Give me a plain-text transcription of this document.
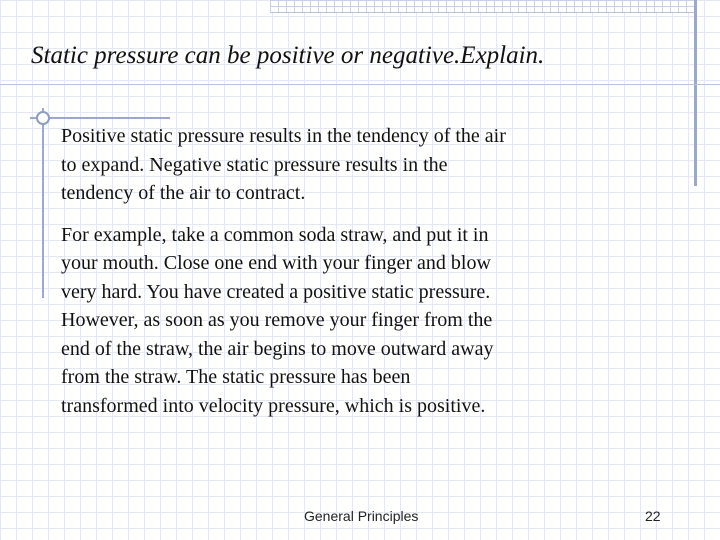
Static pressure can be positive or negative.Explain.

Positive static pressure results in the tendency of the air
to expand. Negative static pressure results in the
tendency of the air to contract.

For example, take a common soda straw, and put it in
your mouth. Close one end with your finger and blow
very hard. You have created a positive static pressure.
However, as soon as you remove your finger from the
end of the straw, the air begins to move outward away
from the straw. The static pressure has been
transformed into velocity pressure, which is positive.

General Principles	22
